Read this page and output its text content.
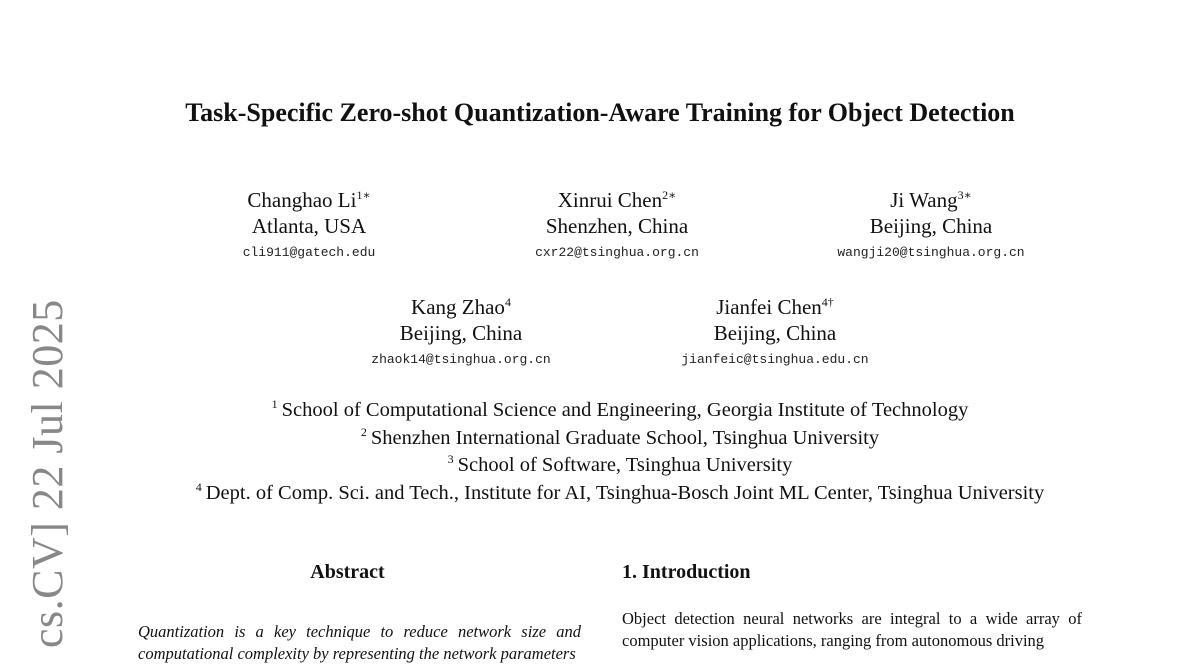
cs.CV] 22 Jul 2025
Task-Specific Zero-shot Quantization-Aware Training for Object Detection
Changhao $Li^{1∗}$
Atlanta, USA
cli911@gatech.edu
Xinrui Chen$^{2∗}$
Shenzhen, China
cxr22@tsinghua.org.cn
Ji Wang$^{3∗}$
Beijing, China
wangji20@tsinghua.org.cn
Kang Zhao$^4$
Beijing, China
zhaok14@tsinghua.org.cn
Jianfei Chen$^{4\dagger}$
Beijing, China
jianfeic@tsinghua.edu.cn
$^1$ School of Computational Science and Engineering, Georgia Institute of Technology
$^2$ Shenzhen International Graduate School, Tsinghua University
$^3$ School of Software, Tsinghua University
$^4$ Dept. of Comp. Sci. and Tech., Institute for AI, Tsinghua-Bosch Joint ML Center, Tsinghua University
Abstract
Quantization is a key technique to reduce network size and computational complexity by representing the network parameters
1. Introduction
Object detection neural networks are integral to a wide array of computer vision applications, ranging from autonomous driving
